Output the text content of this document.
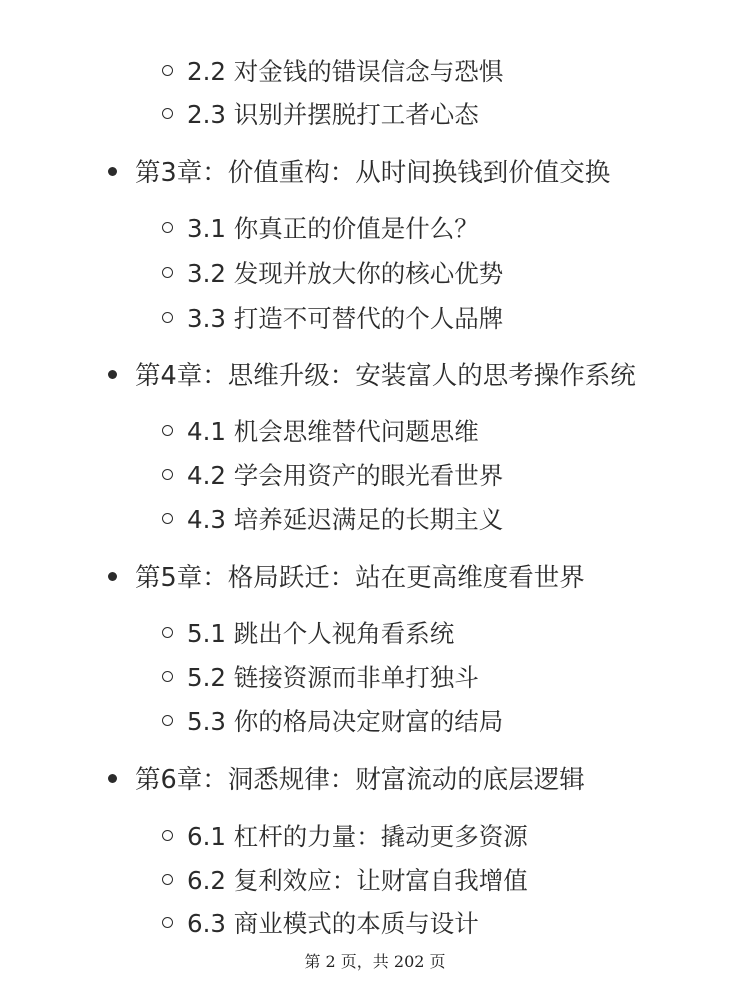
2.2 对金钱的错误信念与恐惧
2.3 识别并摆脱打工者心态
第3章：价值重构：从时间换钱到价值交换
3.1 你真正的价值是什么？
3.2 发现并放大你的核心优势
3.3 打造不可替代的个人品牌
第4章：思维升级：安装富人的思考操作系统
4.1 机会思维替代问题思维
4.2 学会用资产的眼光看世界
4.3 培养延迟满足的长期主义
第5章：格局跃迁：站在更高维度看世界
5.1 跳出个人视角看系统
5.2 链接资源而非单打独斗
5.3 你的格局决定财富的结局
第6章：洞悉规律：财富流动的底层逻辑
6.1 杠杆的力量：撬动更多资源
6.2 复利效应：让财富自我增值
6.3 商业模式的本质与设计
第 2 页，共 202 页
